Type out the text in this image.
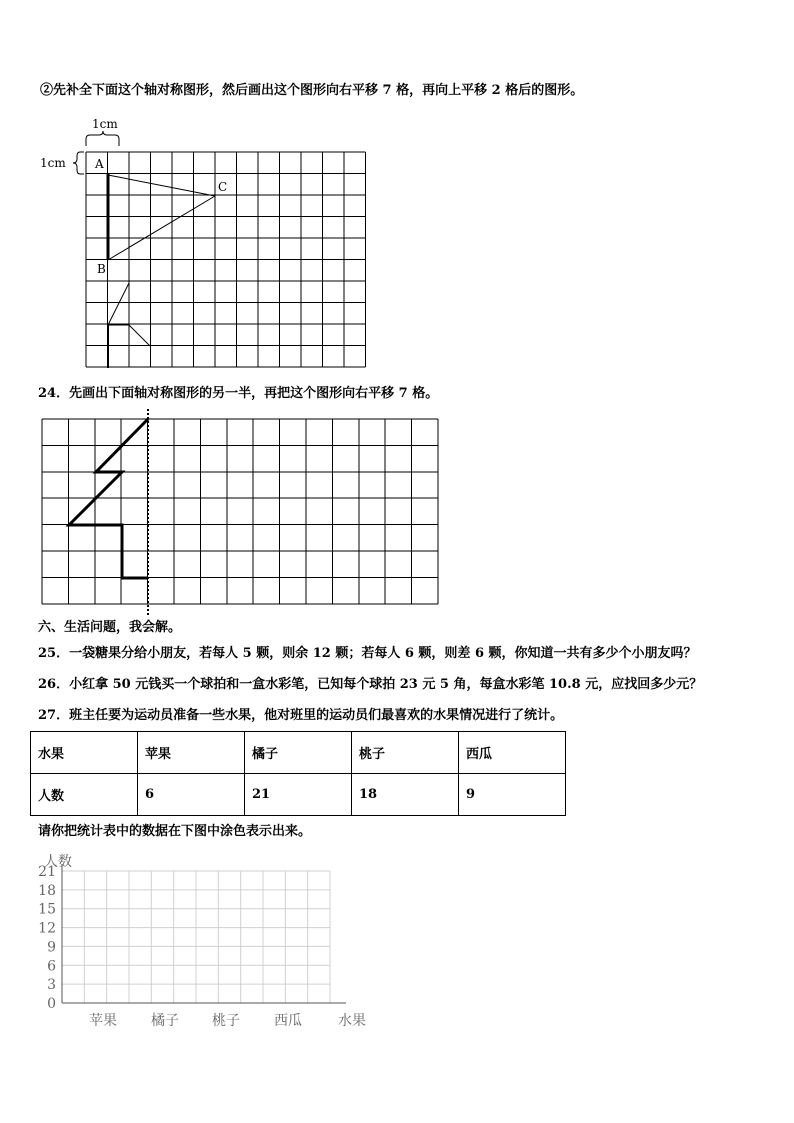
②先补全下面这个轴对称图形，然后画出这个图形向右平移 7 格，再向上平移 2 格后的图形。
1cm
1cm A
B
C
24．先画出下面轴对称图形的另一半，再把这个图形向右平移 7 格。
六、生活问题，我会解。
25．一袋糖果分给小朋友，若每人 5 颗，则余 12 颗；若每人 6 颗，则差 6 颗，你知道一共有多少个小朋友吗？
26．小红拿 50 元钱买一个球拍和一盒水彩笔，已知每个球拍 23 元 5 角，每盒水彩笔 10.8 元，应找回多少元？
27．班主任要为运动员准备一些水果，他对班里的运动员们最喜欢的水果情况进行了统计。
水果	苹果	橘子	桃子	西瓜
人数	6	21	18	9
请你把统计表中的数据在下图中涂色表示出来。
0
3
6
9
12
15
18
21
苹果 橘子 桃子 西瓜
人数
水果
